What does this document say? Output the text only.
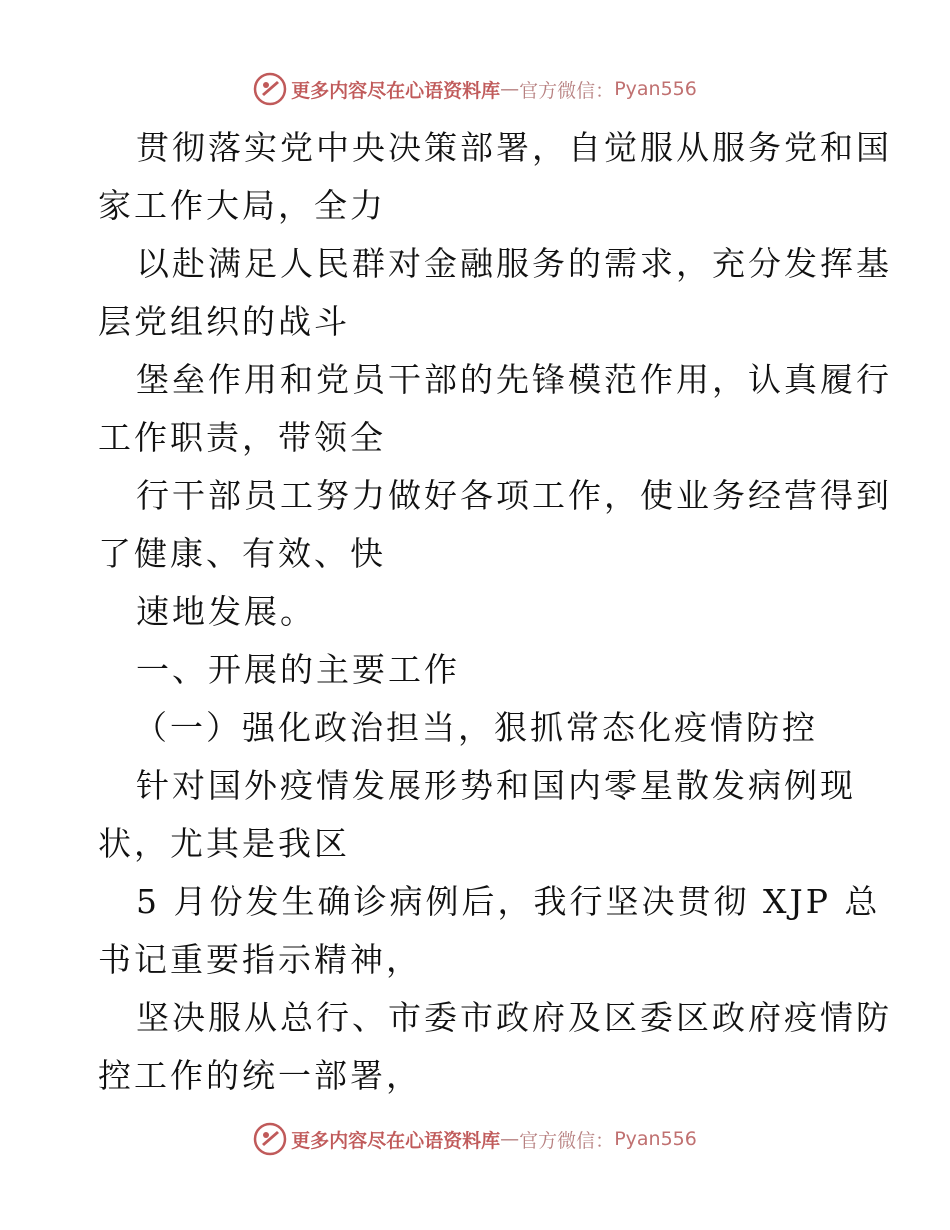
更多内容尽在心语资料库 — 官方微信： Pyan556
贯彻落实党中央决策部署，自觉服从服务党和国
家工作大局，全力
以赴满足人民群对金融服务的需求，充分发挥基
层党组织的战斗
堡垒作用和党员干部的先锋模范作用，认真履行
工作职责，带领全
行干部员工努力做好各项工作，使业务经营得到
了健康、有效、快
速地发展。
一、开展的主要工作
（一）强化政治担当，狠抓常态化疫情防控
针对国外疫情发展形势和国内零星散发病例现
状，尤其是我区
5 月份发生确诊病例后，我行坚决贯彻 XJP 总
书记重要指示精神，
坚决服从总行、市委市政府及区委区政府疫情防
控工作的统一部署，
更多内容尽在心语资料库 — 官方微信： Pyan556
